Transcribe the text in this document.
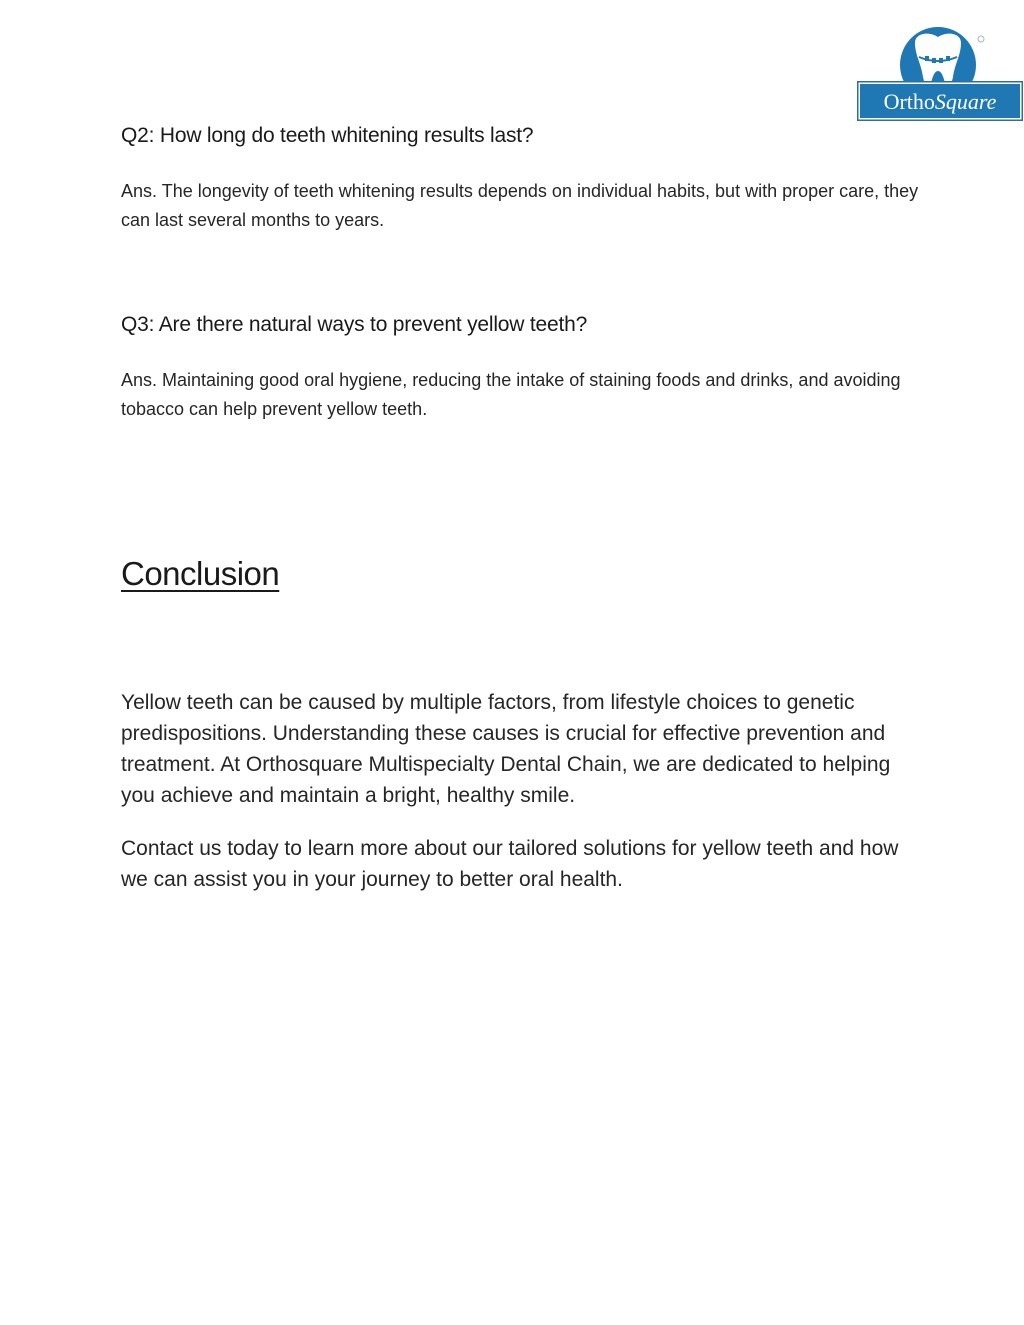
OrthoSquare
Q2: How long do teeth whitening results last?

Ans. The longevity of teeth whitening results depends on individual habits, but with proper care, they can last several months to years.

Q3: Are there natural ways to prevent yellow teeth?

Ans. Maintaining good oral hygiene, reducing the intake of staining foods and drinks, and avoiding tobacco can help prevent yellow teeth.

Conclusion

Yellow teeth can be caused by multiple factors, from lifestyle choices to genetic predispositions. Understanding these causes is crucial for effective prevention and treatment. At Orthosquare Multispecialty Dental Chain, we are dedicated to helping you achieve and maintain a bright, healthy smile.

Contact us today to learn more about our tailored solutions for yellow teeth and how we can assist you in your journey to better oral health.
